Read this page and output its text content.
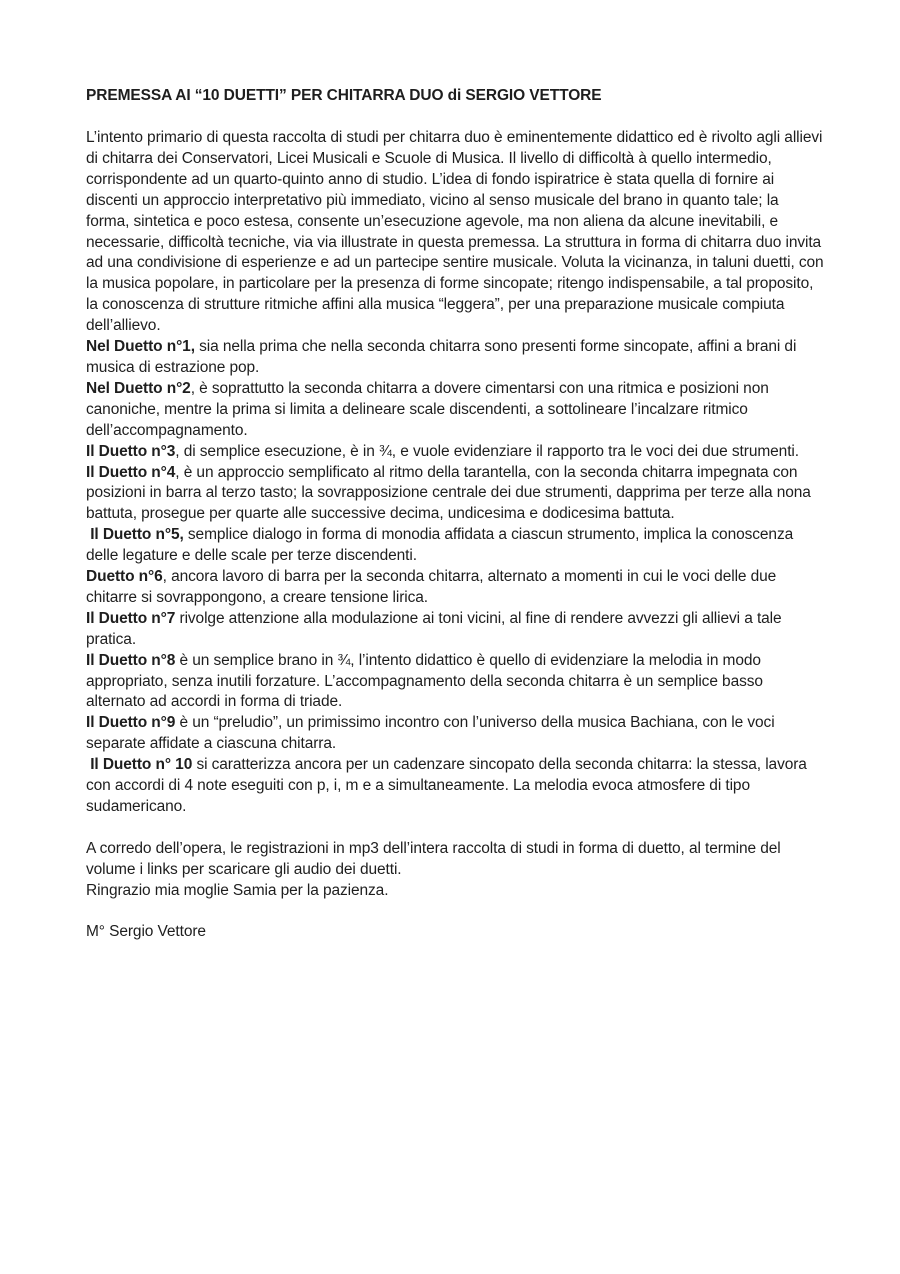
PREMESSA AI “10 DUETTI” PER CHITARRA DUO di SERGIO VETTORE

L’intento primario di questa raccolta di studi per chitarra duo è eminentemente didattico ed è rivolto agli allievi di chitarra dei Conservatori, Licei Musicali e Scuole di Musica. Il livello di difficoltà à quello intermedio, corrispondente ad un quarto-quinto anno di studio. L’idea di fondo ispiratrice è stata quella di fornire ai discenti un approccio interpretativo più immediato, vicino al senso musicale del brano in quanto tale; la forma, sintetica e poco estesa, consente un’esecuzione agevole, ma non aliena da alcune inevitabili, e necessarie, difficoltà tecniche, via via illustrate in questa premessa. La struttura in forma di chitarra duo invita ad una condivisione di esperienze e ad un partecipe sentire musicale. Voluta la vicinanza, in taluni duetti, con la musica popolare, in particolare per la presenza di forme sincopate; ritengo indispensabile, a tal proposito, la conoscenza di strutture ritmiche affini alla musica “leggera”, per una preparazione musicale compiuta dell’allievo.

Nel Duetto n°1, sia nella prima che nella seconda chitarra sono presenti forme sincopate, affini a brani di musica di estrazione pop.

Nel Duetto n°2, è soprattutto la seconda chitarra a dovere cimentarsi con una ritmica e posizioni non canoniche, mentre la prima si limita a delineare scale discendenti, a sottolineare l’incalzare ritmico dell’accompagnamento.

Il Duetto n°3, di semplice esecuzione, è in ¾, e vuole evidenziare il rapporto tra le voci dei due strumenti.

Il Duetto n°4, è un approccio semplificato al ritmo della tarantella, con la seconda chitarra impegnata con posizioni in barra al terzo tasto; la sovrapposizione centrale dei due strumenti, dapprima per terze alla nona battuta, prosegue per quarte alle successive decima, undicesima e dodicesima battuta.

Il Duetto n°5, semplice dialogo in forma di monodia affidata a ciascun strumento, implica la conoscenza delle legature e delle scale per terze discendenti.

Duetto n°6, ancora lavoro di barra per la seconda chitarra, alternato a momenti in cui le voci delle due chitarre si sovrappongono, a creare tensione lirica.

Il Duetto n°7 rivolge attenzione alla modulazione ai toni vicini, al fine di rendere avvezzi gli allievi a tale pratica.

Il Duetto n°8 è un semplice brano in ¾, l’intento didattico è quello di evidenziare la melodia in modo appropriato, senza inutili forzature. L’accompagnamento della seconda chitarra è un semplice basso alternato ad accordi in forma di triade.

Il Duetto n°9 è un “preludio”, un primissimo incontro con l’universo della musica Bachiana, con le voci separate affidate a ciascuna chitarra.

Il Duetto n° 10 si caratterizza ancora per un cadenzare sincopato della seconda chitarra: la stessa, lavora con accordi di 4 note eseguiti con p, i, m e a simultaneamente. La melodia evoca atmosfere di tipo sudamericano.

A corredo dell’opera, le registrazioni in mp3 dell’intera raccolta di studi in forma di duetto, al termine del volume i links per scaricare gli audio dei duetti.

Ringrazio mia moglie Samia per la pazienza.

M° Sergio Vettore
